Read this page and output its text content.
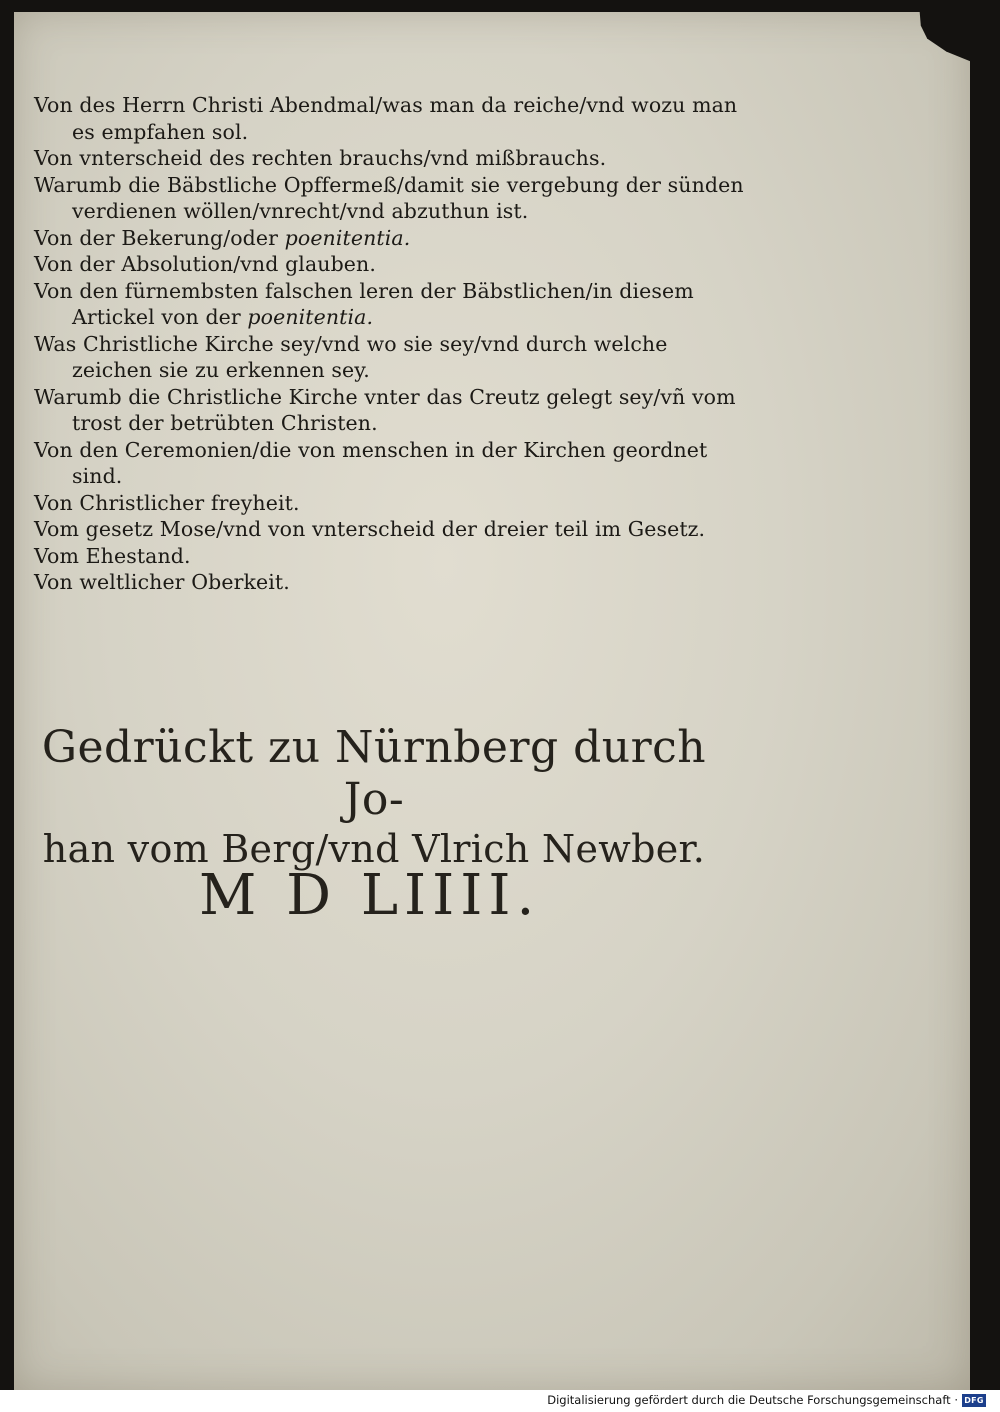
Von des Herrn Christi Abendmal/was man da reiche/vnd wozu man es empfahen sol.
Von vnterscheid des rechten brauchs/vnd mißbrauchs.
Warumb die Bäbstliche Opffermeß/damit sie vergebung der sünden verdienen wöllen/vnrecht/vnd abzuthun ist.
Von der Bekerung/oder poenitentia.
Von der Absolution/vnd glauben.
Von den fürnembsten falschen leren der Bäbstlichen/in diesem Artickel von der poenitentia.
Was Christliche Kirche sey/vnd wo sie sey/vnd durch welche zeichen sie zu erkennen sey.
Warumb die Christliche Kirche vnter das Creutz gelegt sey/vñ vom trost der betrübten Christen.
Von den Ceremonien/die von menschen in der Kirchen geordnet sind.
Von Christlicher freyheit.
Vom gesetz Mose/vnd von vnterscheid der dreier teil im Gesetz.
Vom Ehestand.
Von weltlicher Oberkeit.
Gedrückt zu Nürnberg durch Jo-
han vom Berg/vnd Vlrich Newber.
M D LIIII.
Digitalisierung gefördert durch die Deutsche Forschungsgemeinschaft · DFG
